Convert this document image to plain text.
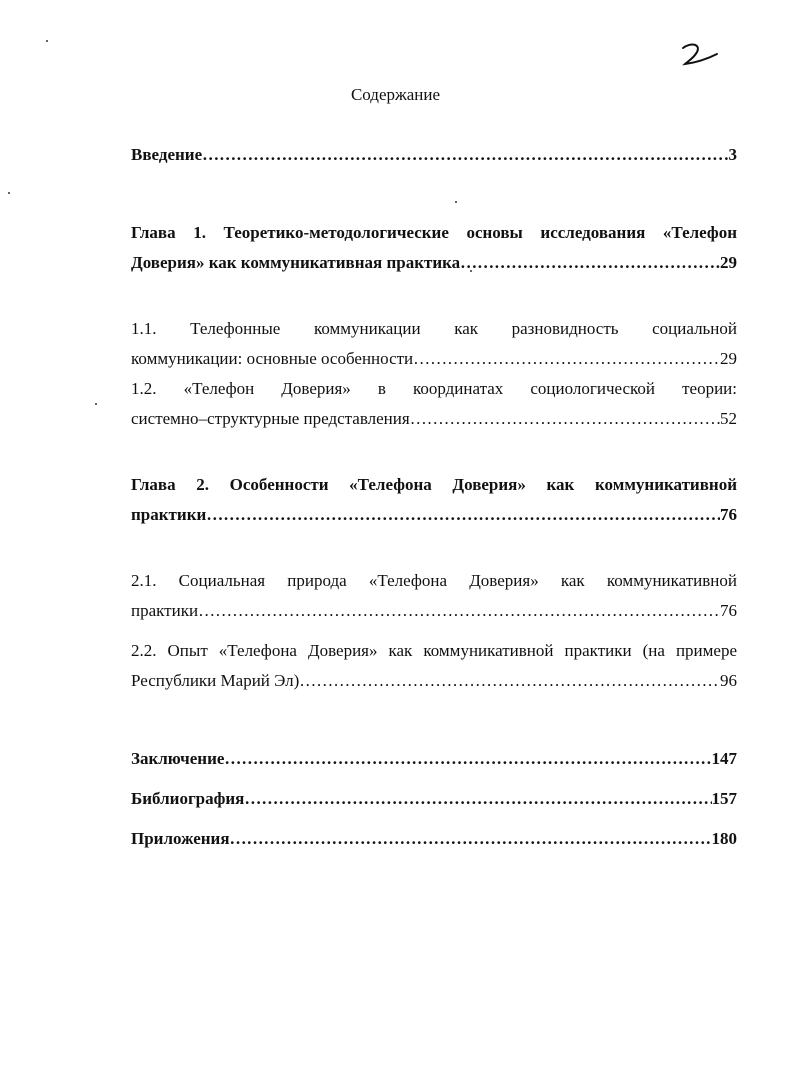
Содержание
Введение ……………………………………………………………………………………………………………………………………………	3
Глава 1. Теоретико-методологические основы исследования «Телефон
Доверия» как коммуникативная практика ……………………………………………………………………………………………………………………………………………	29
1.1. Телефонные коммуникации как разновидность социальной
коммуникации: основные особенности ……………………………………………………………………………………………………………………………………………	29
1.2. «Телефон Доверия» в координатах социологической теории:
системно–структурные представления ……………………………………………………………………………………………………………………………………………	52
Глава 2. Особенности «Телефона Доверия» как коммуникативной
практики ……………………………………………………………………………………………………………………………………………	76
2.1. Социальная природа «Телефона Доверия» как коммуникативной
практики ……………………………………………………………………………………………………………………………………………	76
2.2. Опыт «Телефона Доверия» как коммуникативной практики (на примере
Республики Марий Эл) ……………………………………………………………………………………………………………………………………………	96
Заключение ……………………………………………………………………………………………………………………………………………	147
Библиография ……………………………………………………………………………………………………………………………………………	157
Приложения ……………………………………………………………………………………………………………………………………………	180
